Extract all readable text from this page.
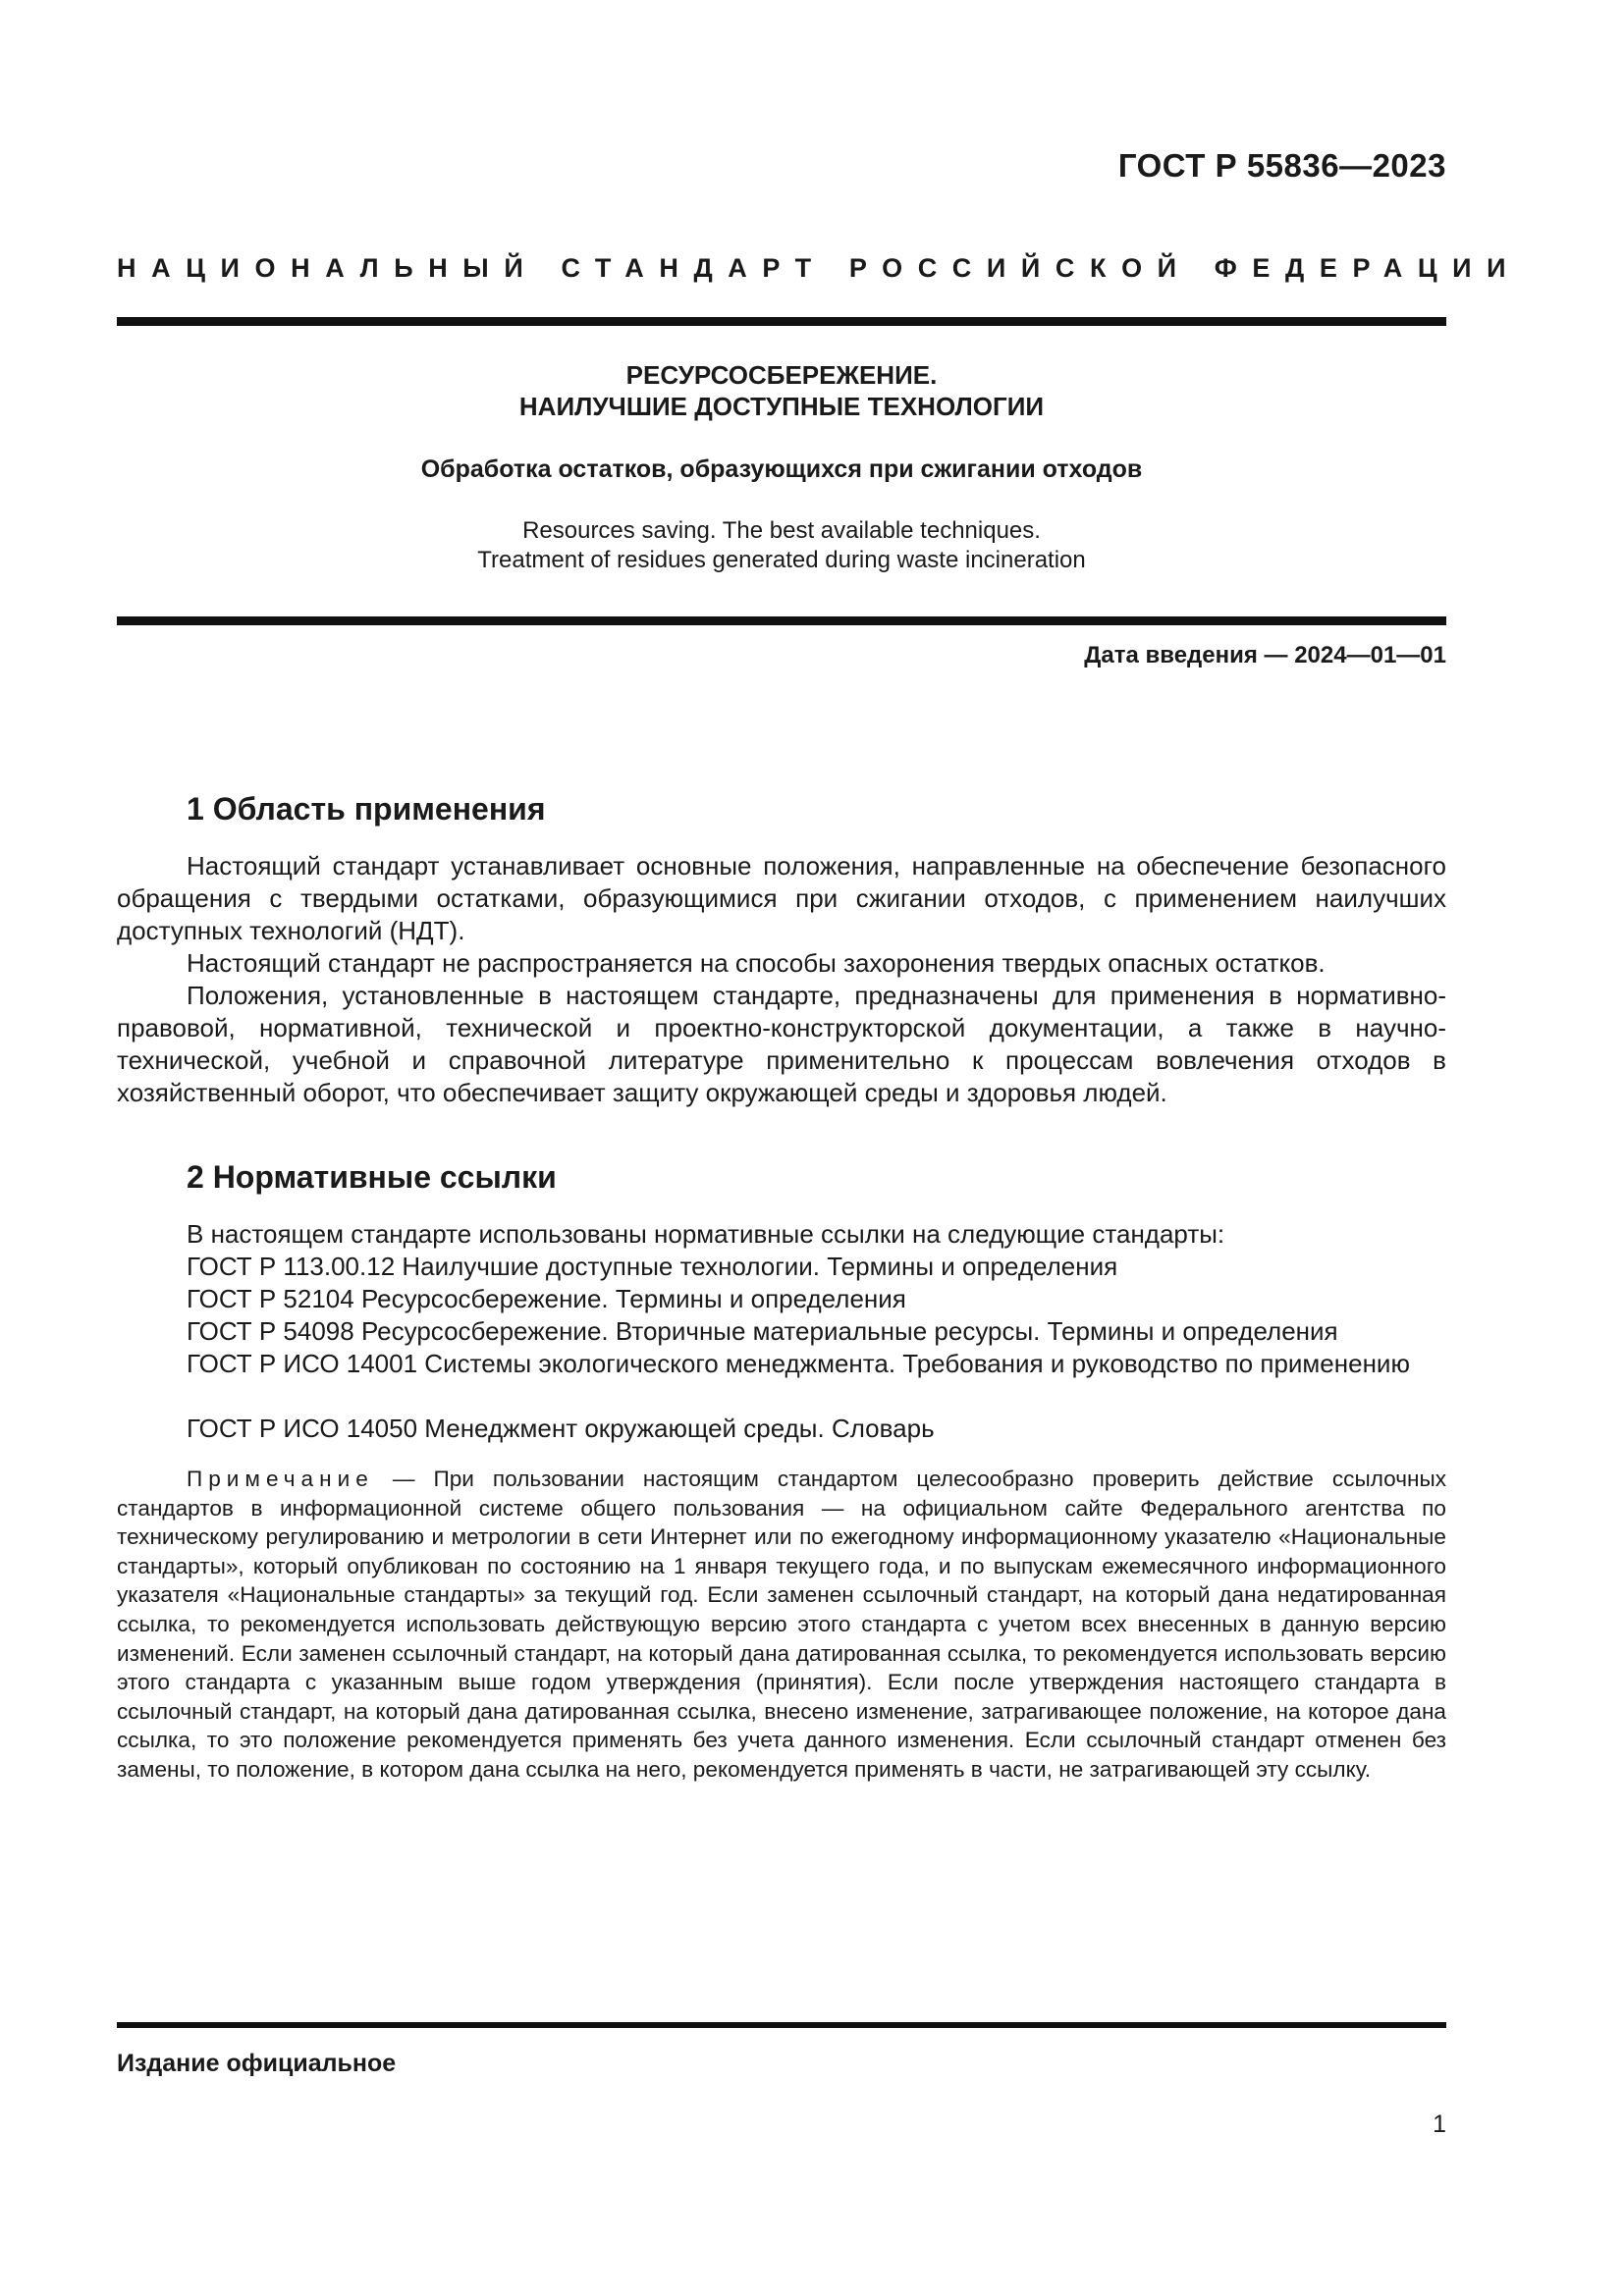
ГОСТ Р 55836—2023
НАЦИОНАЛЬНЫЙ СТАНДАРТ РОССИЙСКОЙ ФЕДЕРАЦИИ
РЕСУРСОСБЕРЕЖЕНИЕ.
НАИЛУЧШИЕ ДОСТУПНЫЕ ТЕХНОЛОГИИ
Обработка остатков, образующихся при сжигании отходов
Resources saving. The best available techniques.
Treatment of residues generated during waste incineration
Дата введения — 2024—01—01
1 Область применения

Настоящий стандарт устанавливает основные положения, направленные на обеспечение безопасного обращения с твердыми остатками, образующимися при сжигании отходов, с применением наилучших доступных технологий (НДТ).

Настоящий стандарт не распространяется на способы захоронения твердых опасных остатков.

Положения, установленные в настоящем стандарте, предназначены для применения в нормативно-правовой, нормативной, технической и проектно-конструкторской документации, а также в научно-технической, учебной и справочной литературе применительно к процессам вовлечения отходов в хозяйственный оборот, что обеспечивает защиту окружающей среды и здоровья людей.

2 Нормативные ссылки
В настоящем стандарте использованы нормативные ссылки на следующие стандарты:
ГОСТ Р 113.00.12 Наилучшие доступные технологии. Термины и определения
ГОСТ Р 52104 Ресурсосбережение. Термины и определения
ГОСТ Р 54098 Ресурсосбережение. Вторичные материальные ресурсы. Термины и определения

ГОСТ Р ИСО 14001 Системы экологического менеджмента. Требования и руководство по применению

ГОСТ Р ИСО 14050 Менеджмент окружающей среды. Словарь

Примечание — При пользовании настоящим стандартом целесообразно проверить действие ссылочных стандартов в информационной системе общего пользования — на официальном сайте Федерального агентства по техническому регулированию и метрологии в сети Интернет или по ежегодному информационному указателю «Национальные стандарты», который опубликован по состоянию на 1 января текущего года, и по выпускам ежемесячного информационного указателя «Национальные стандарты» за текущий год. Если заменен ссылочный стандарт, на который дана недатированная ссылка, то рекомендуется использовать действующую версию этого стандарта с учетом всех внесенных в данную версию изменений. Если заменен ссылочный стандарт, на который дана датированная ссылка, то рекомендуется использовать версию этого стандарта с указанным выше годом утверждения (принятия). Если после утверждения настоящего стандарта в ссылочный стандарт, на который дана датированная ссылка, внесено изменение, затрагивающее положение, на которое дана ссылка, то это положение рекомендуется применять без учета данного изменения. Если ссылочный стандарт отменен без замены, то положение, в котором дана ссылка на него, рекомендуется применять в части, не затрагивающей эту ссылку.

Издание официальное
1
